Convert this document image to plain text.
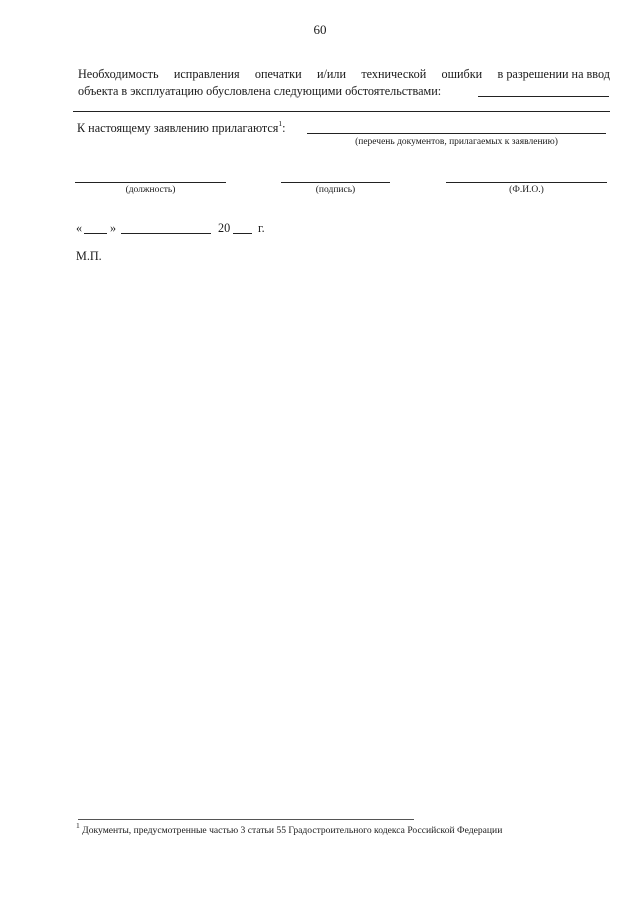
60
Необходимость исправления опечатки и/или технической ошибки в разрешении на ввод
объекта в эксплуатацию обусловлена следующими обстоятельствами:
К настоящему заявлению прилагаются$^1$:
(перечень документов, прилагаемых к заявлению)
(должность)	(подпись)	(Ф.И.О.)
« »	20 г.
М.П.
$^1$ Документы, предусмотренные частью 3 статьи 55 Градостроительного кодекса Российской Федерации
